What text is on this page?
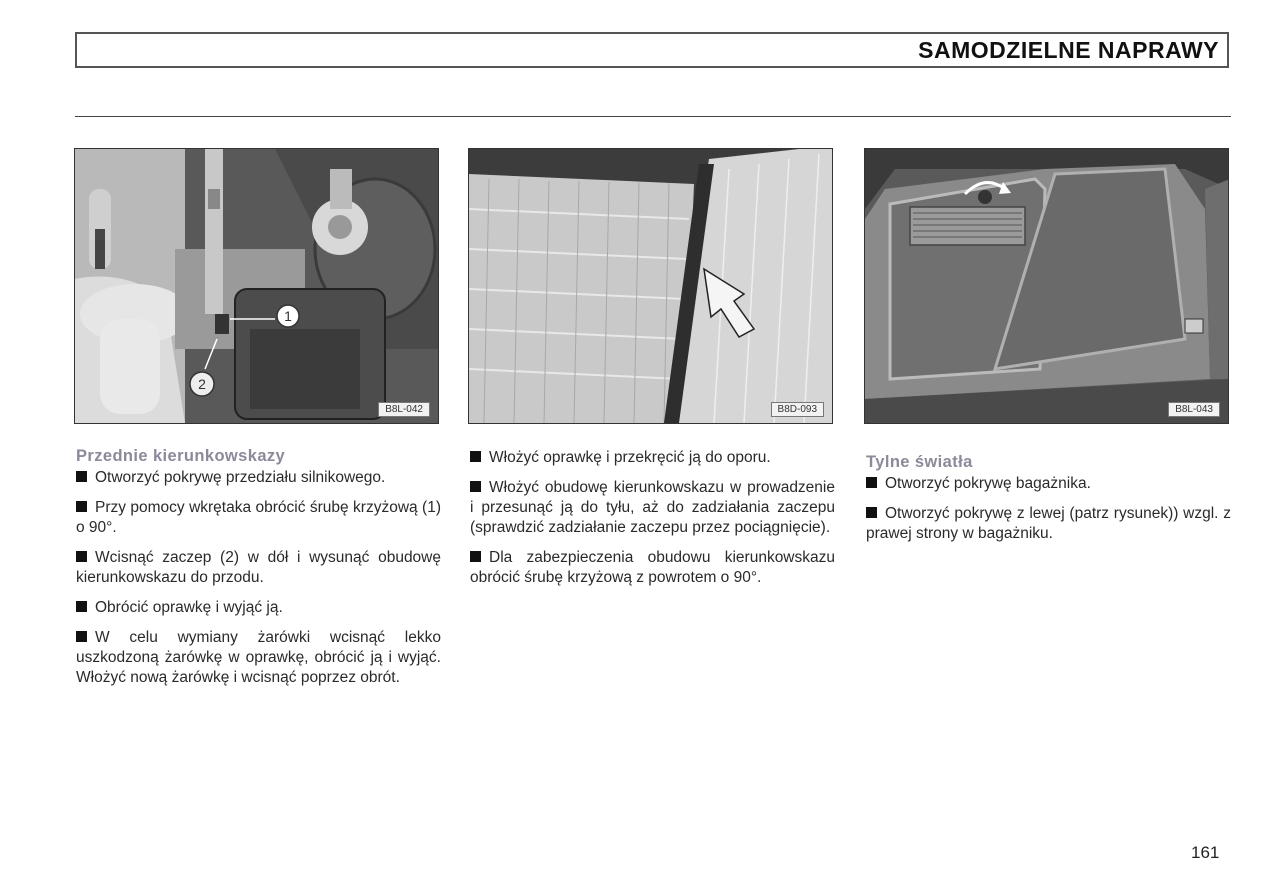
SAMODZIELNE NAPRAWY
1
2
B8L-042	B8D-093	B8L-043
Przednie kierunkowskazy

Otworzyć pokrywę przedziału silnikowego.

Przy pomocy wkrętaka obrócić śrubę krzyżową (1) o 90°.

Wcisnąć zaczep (2) w dół i wysunąć obudowę kierunkowskazu do przodu.

Obrócić oprawkę i wyjąć ją.

W celu wymiany żarówki wcisnąć lekko uszkodzoną żarówkę w oprawkę, obrócić ją i wyjąć. Włożyć nową żarówkę i wcisnąć poprzez obrót.

Włożyć oprawkę i przekręcić ją do oporu.

Włożyć obudowę kierunkowskazu w prowadzenie i przesunąć ją do tyłu, aż do zadziałania zaczepu (sprawdzić zadziałanie zaczepu przez pociągnięcie).

Dla zabezpieczenia obudowu kierunkowskazu obrócić śrubę krzyżową z powrotem o 90°.

Tylne światła

Otworzyć pokrywę bagażnika.

Otworzyć pokrywę z lewej (patrz rysunek)) wzgl. z prawej strony w bagażniku.

161
